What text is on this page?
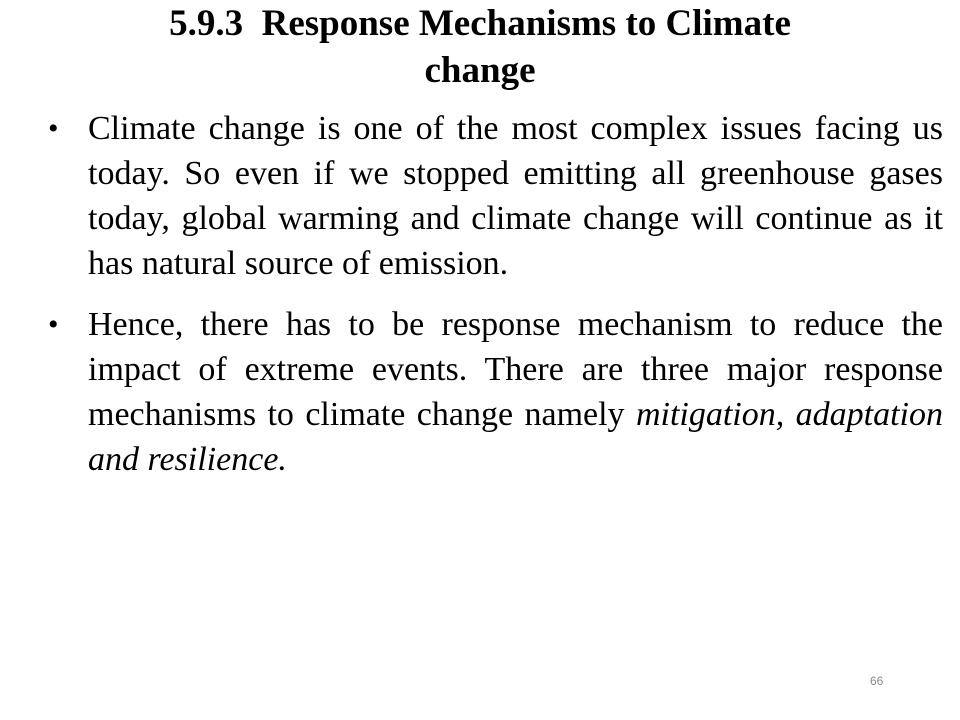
5.9.3  Response Mechanisms to Climate
change

• Climate change is one of the most complex issues facing us today. So even if we stopped emitting all greenhouse gases today, global warming and climate change will continue as it has natural source of emission.

• Hence, there has to be response mechanism to reduce the impact of extreme events. There are three major response mechanisms to climate change namely mitigation, adaptation and resilience.

66
